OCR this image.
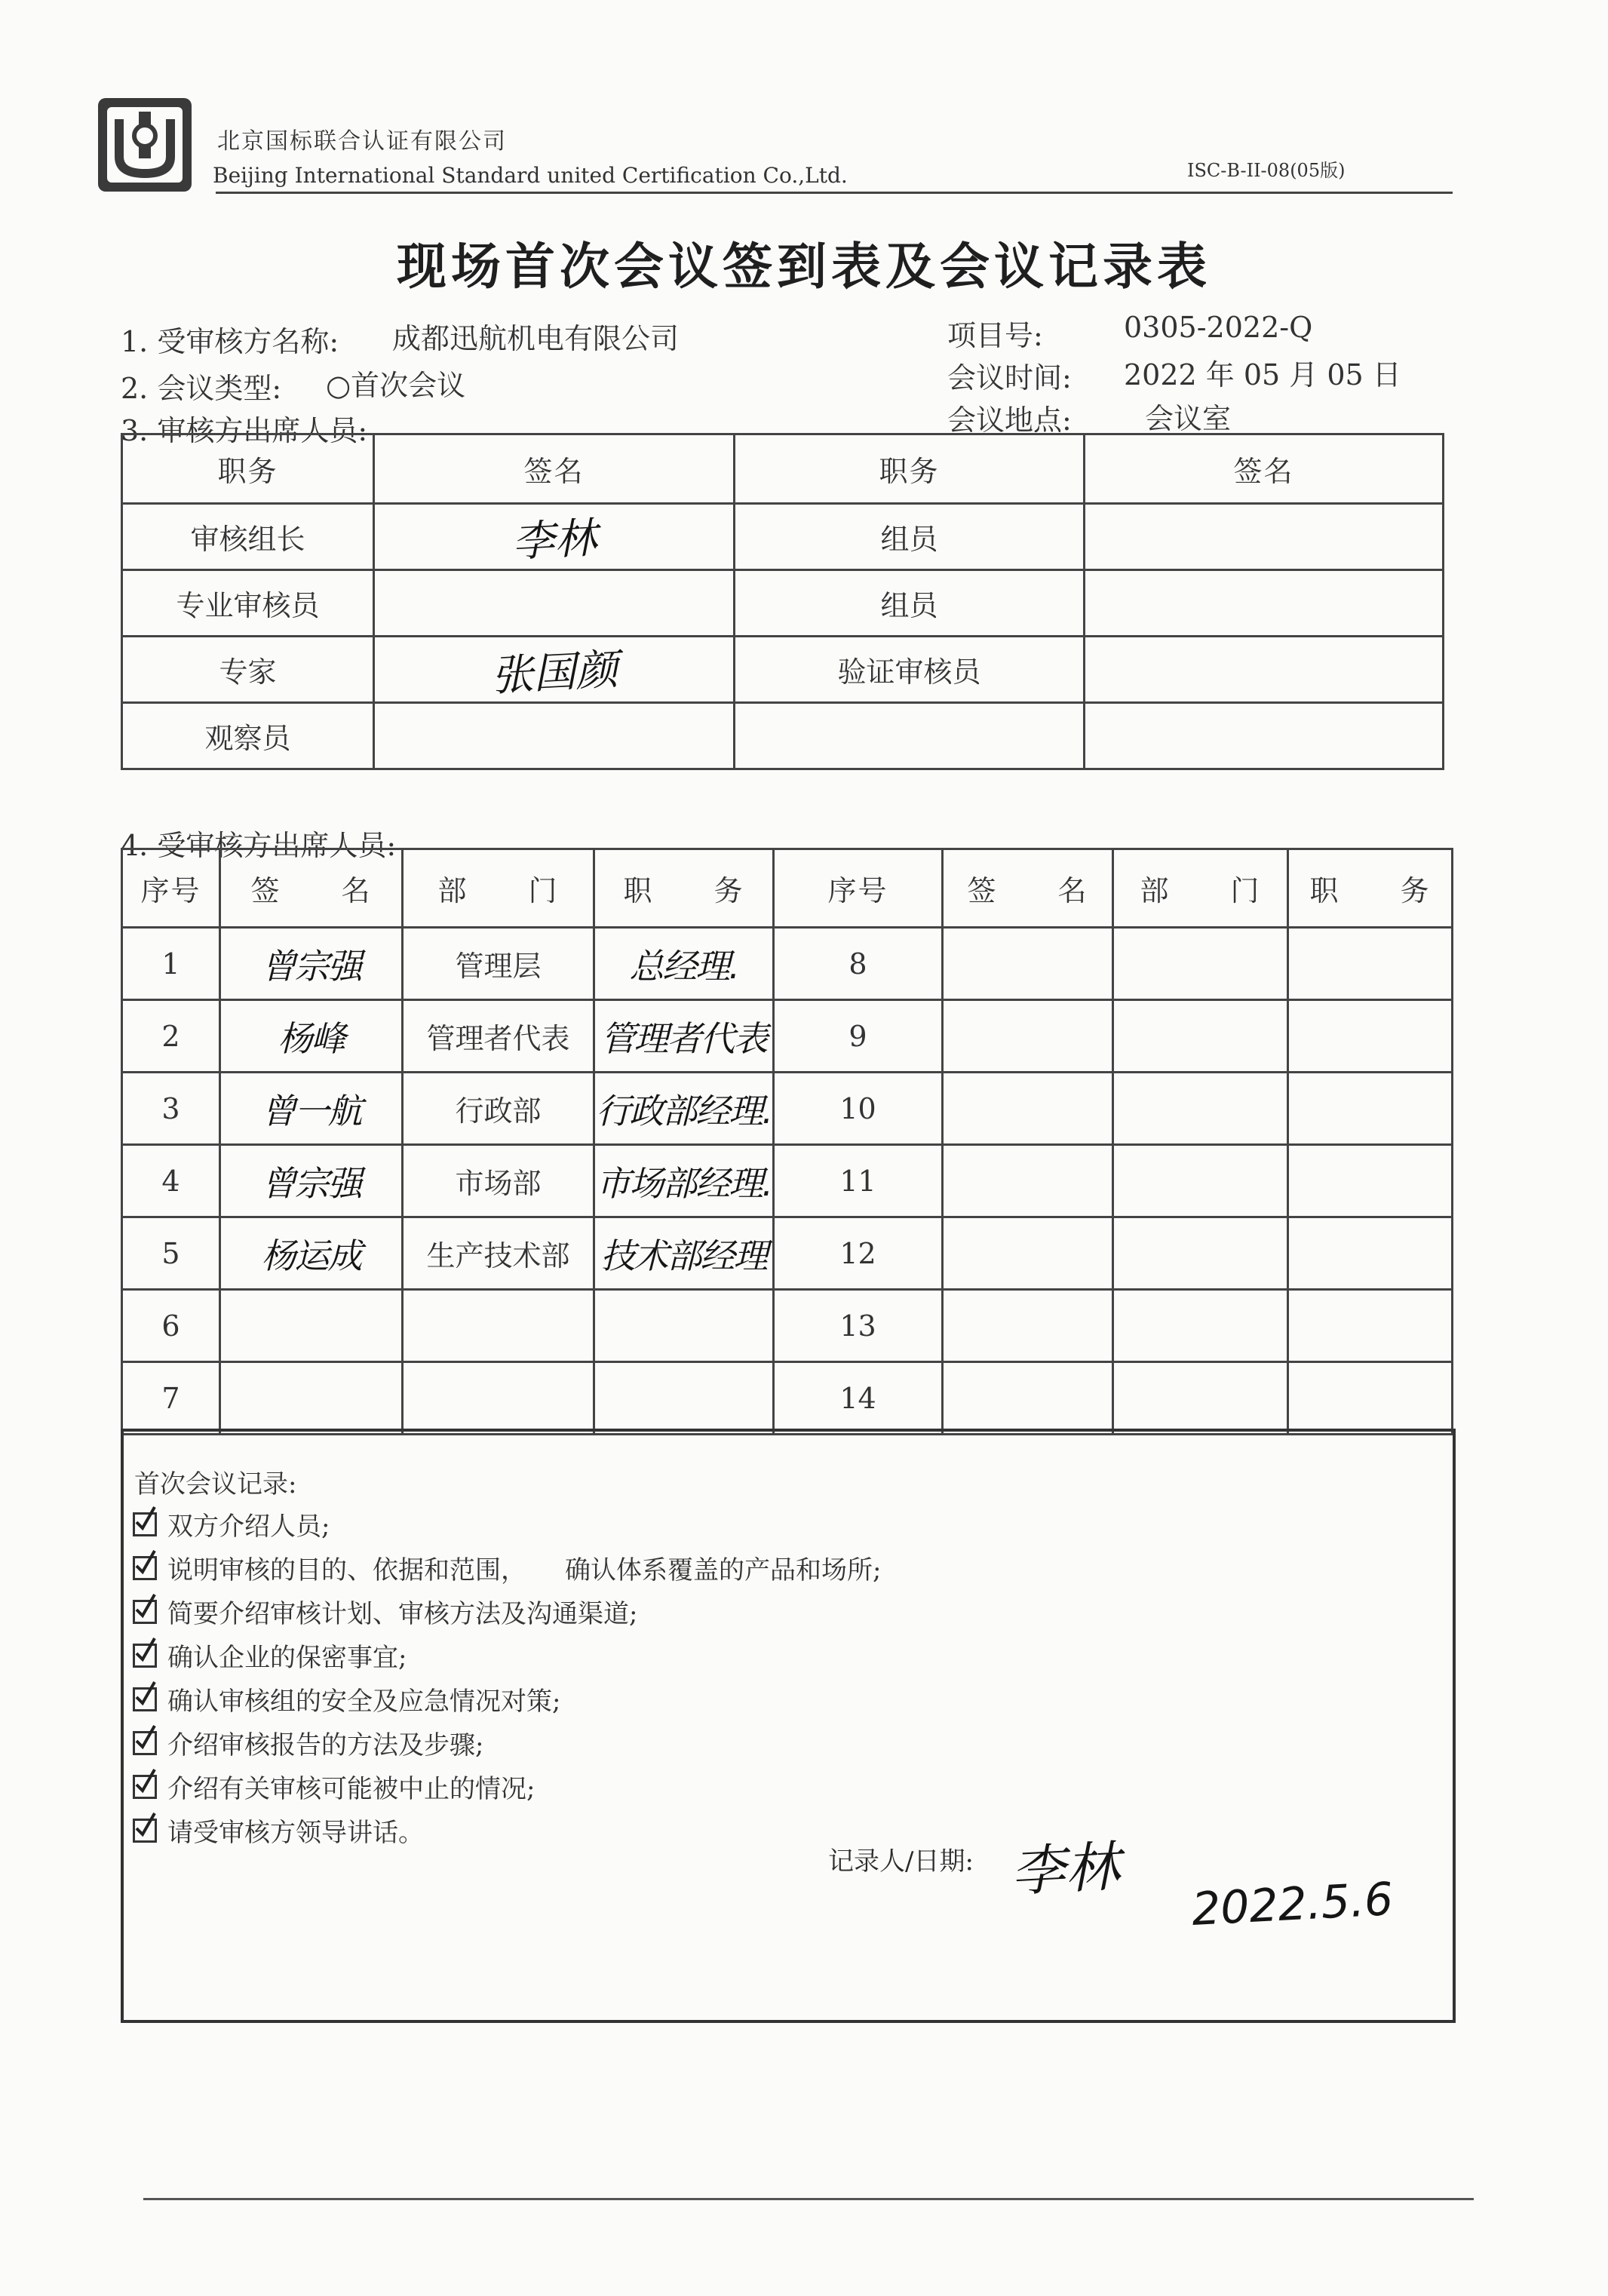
北京国标联合认证有限公司
Beijing International Standard united Certification Co.,Ltd.	ISC-B-II-08(05版)
现场首次会议签到表及会议记录表
1. 受审核方名称: 成都迅航机电有限公司
2. 会议类型: ○首次会议
3. 审核方出席人员:
项目号:	0305-2022-Q
会议时间: 2022 年 05 月 05 日
会议地点:	会议室
职务	签名	职务	签名
审核组长	李林	组员	
专业审核员		组员	
专家	张国颜	验证审核员	
观察员			
4. 受审核方出席人员:
序号	签　　名	部　　门	职　　务	序号	签　　名	部　　门	职　　务
1	曾宗强	管理层	总经理.	8			
2	杨峰	管理者代表	管理者代表	9			
3	曾一航	行政部	行政部经理.	10			
4	曾宗强	市场部	市场部经理.	11			
5	杨运成	生产技术部	技术部经理	12			
6				13			
7				14			
首次会议记录:
双方介绍人员;
说明审核的目的、依据和范围，　　确认体系覆盖的产品和场所;
简要介绍审核计划、审核方法及沟通渠道;
确认企业的保密事宜;
确认审核组的安全及应急情况对策;
介绍审核报告的方法及步骤;
介绍有关审核可能被中止的情况;
请受审核方领导讲话。
记录人/日期: 李林
2022.5.6
